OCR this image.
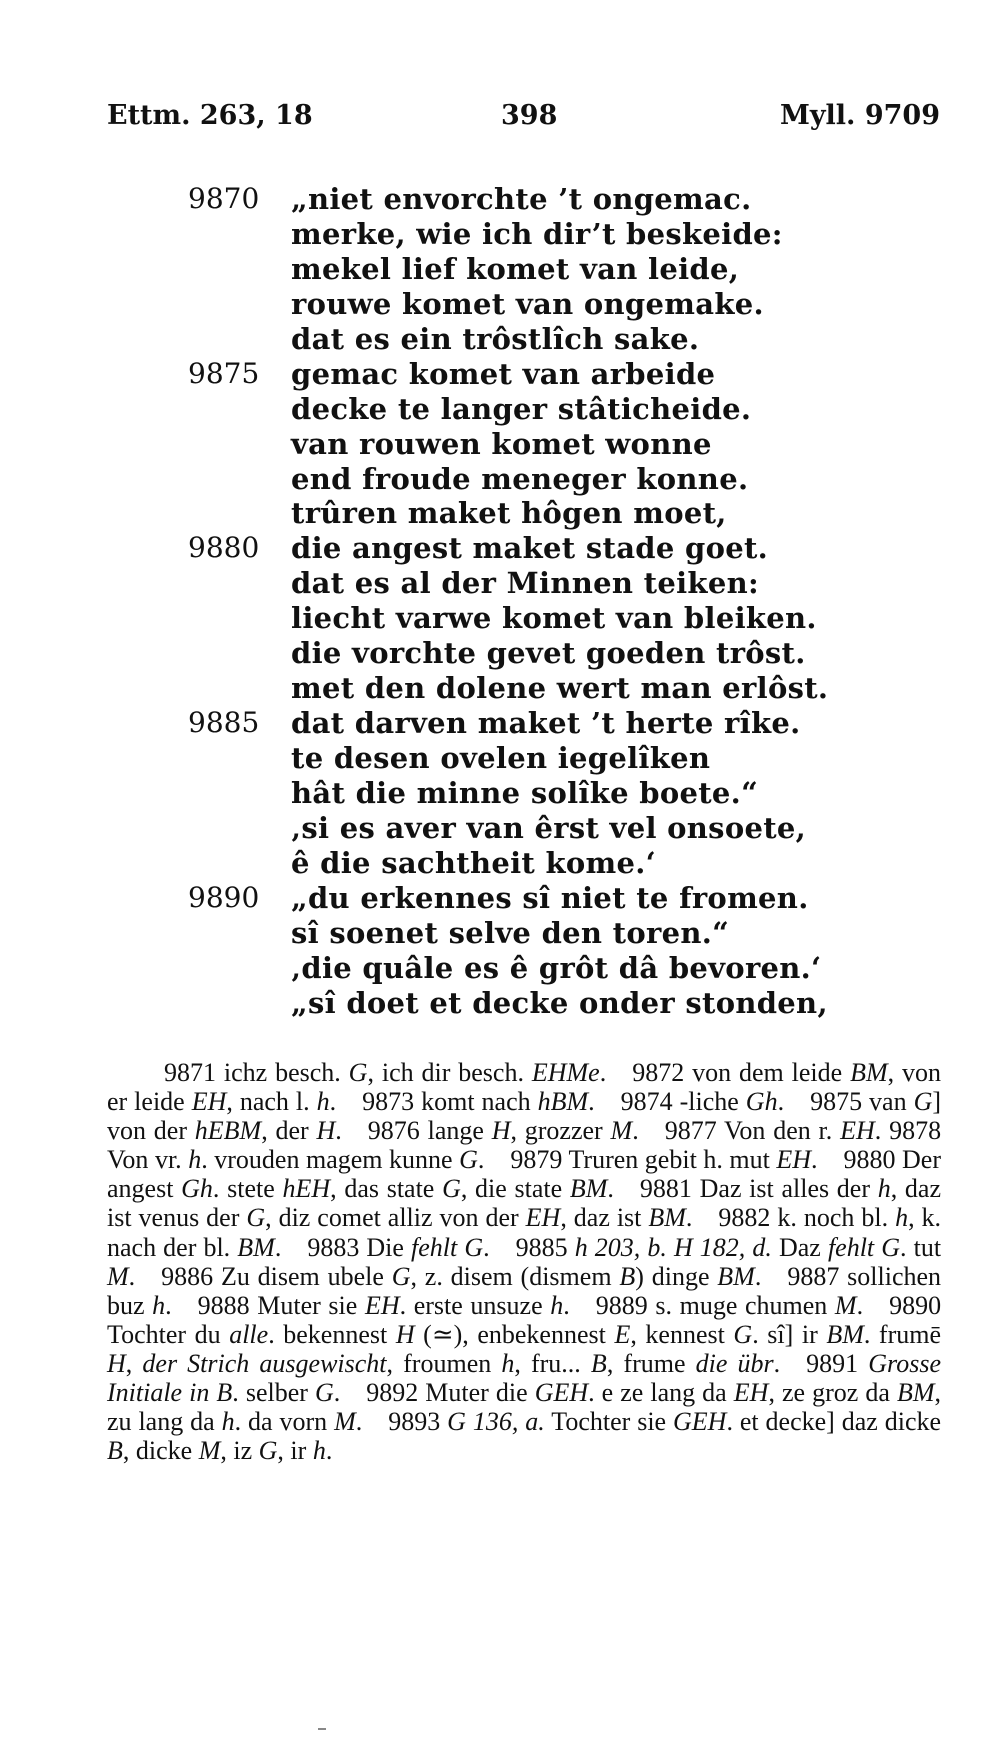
Ettm. 263, 18	398	Myll. 9709
9870 „niet envorchte ’t ongemac.
merke, wie ich dir’t beskeide:
mekel lief komet van leide,
rouwe komet van ongemake.
dat es ein trôstlîch sake.
9875 gemac komet van arbeide
decke te langer stâticheide.
van rouwen komet wonne
end froude meneger konne.
trûren maket hôgen moet,
9880 die angest maket stade goet.
dat es al der Minnen teiken:
liecht varwe komet van bleiken.
die vorchte gevet goeden trôst.
met den dolene wert man erlôst.
9885 dat darven maket ’t herte rîke.
te desen ovelen iegelîken
hât die minne solîke boete.“
‚si es aver van êrst vel onsoete,
ê die sachtheit kome.‘
9890 „du erkennes sî niet te fromen.
sî soenet selve den toren.“
‚die quâle es ê grôt dâ bevoren.‘
„sî doet et decke onder stonden,

9871 ichz besch. G, ich dir besch. EHMe. 9872 von dem leide BM, von er leide EH, nach l. h. 9873 komt nach hBM. 9874 -liche Gh. 9875 van G] von der hEBM, der H. 9876 lange H, grozzer M. 9877 Von den r. EH. 9878 Von vr. h. vrouden magem kunne G. 9879 Truren gebit h. mut EH. 9880 Der angest Gh. stete hEH, das state G, die state BM. 9881 Daz ist alles der h, daz ist venus der G, diz comet alliz von der EH, daz ist BM. 9882 k. noch bl. h, k. nach der bl. BM. 9883 Die fehlt G. 9885 h 203, b. H 182, d. Daz fehlt G. tut M. 9886 Zu disem ubele G, z. disem (dismem B) dinge BM. 9887 sollichen buz h. 9888 Muter sie EH. erste unsuze h. 9889 s. muge chumen M. 9890 Tochter du alle. bekennest H (≃), enbekennest E, kennest G. sî] ir BM. frumē H, der Strich ausgewischt, froumen h, fru... B, frume die übr. 9891 Grosse Initiale in B. selber G. 9892 Muter die GEH. e ze lang da EH, ze groz da BM, zu lang da h. da vorn M. 9893 G 136, a. Tochter sie GEH. et decke] daz dicke B, dicke M, iz G, ir h.
